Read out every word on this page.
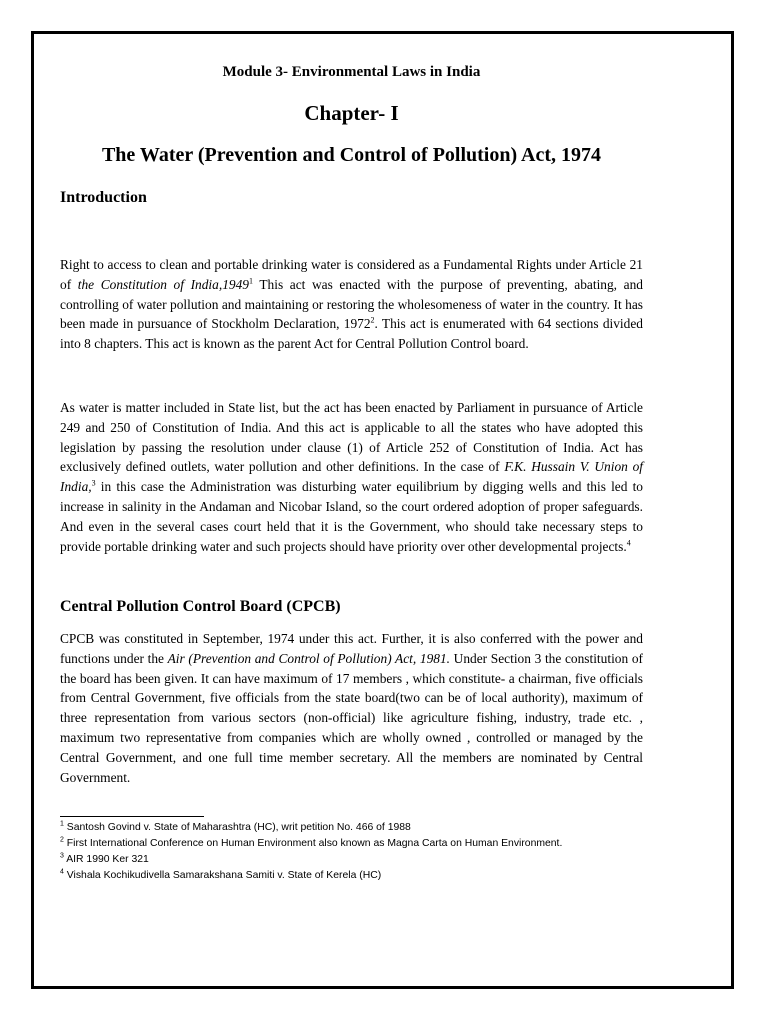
Module 3- Environmental Laws in India
Chapter- I
The Water (Prevention and Control of Pollution) Act, 1974
Introduction
Right to access to clean and portable drinking water is considered as a Fundamental Rights under Article 21 of the Constitution of India,1949$^1$ This act was enacted with the purpose of preventing, abating, and controlling of water pollution and maintaining or restoring the wholesomeness of water in the country. It has been made in pursuance of Stockholm Declaration, 1972$^2$. This act is enumerated with 64 sections divided into 8 chapters. This act is known as the parent Act for Central Pollution Control board.
As water is matter included in State list, but the act has been enacted by Parliament in pursuance of Article 249 and 250 of Constitution of India. And this act is applicable to all the states who have adopted this legislation by passing the resolution under clause (1) of Article 252 of Constitution of India. Act has exclusively defined outlets, water pollution and other definitions. In the case of F.K. Hussain V. Union of India,$^3$ in this case the Administration was disturbing water equilibrium by digging wells and this led to increase in salinity in the Andaman and Nicobar Island, so the court ordered adoption of proper safeguards. And even in the several cases court held that it is the Government, who should take necessary steps to provide portable drinking water and such projects should have priority over other developmental projects.$^4$
Central Pollution Control Board (CPCB)
CPCB was constituted in September, 1974 under this act. Further, it is also conferred with the power and functions under the Air (Prevention and Control of Pollution) Act, 1981. Under Section 3 the constitution of the board has been given. It can have maximum of 17 members , which constitute- a chairman, five officials from Central Government, five officials from the state board(two can be of local authority), maximum of three representation from various sectors (non-official) like agriculture fishing, industry, trade etc. , maximum two representative from companies which are wholly owned , controlled or managed by the Central Government, and one full time member secretary. All the members are nominated by Central Government.
$^1$ Santosh Govind v. State of Maharashtra (HC), writ petition No. 466 of 1988
$^2$ First International Conference on Human Environment also known as Magna Carta on Human Environment.
$^3$ AIR 1990 Ker 321
$^4$ Vishala Kochikudivella Samarakshana Samiti v. State of Kerela (HC)
